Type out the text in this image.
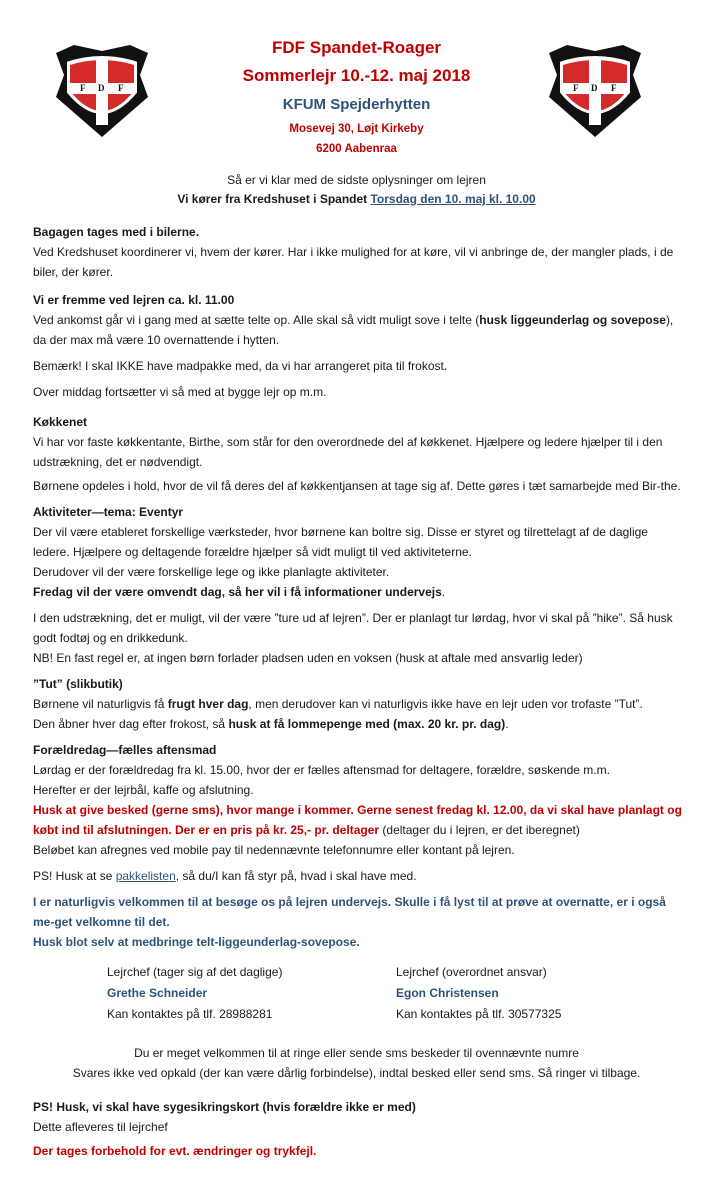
F D F	F D F
FDF Spandet-Roager
Sommerlejr 10.-12. maj 2018
KFUM Spejderhytten
Mosevej 30, Løjt Kirkeby
6200 Aabenraa
Så er vi klar med de sidste oplysninger om lejren
Vi kører fra Kredshuset i Spandet Torsdag den 10. maj kl. 10.00

Bagagen tages med i bilerne.

Ved Kredshuset koordinerer vi, hvem der kører. Har i ikke mulighed for at køre, vil vi anbringe de, der mangler plads, i de biler, der kører.

Vi er fremme ved lejren ca. kl. 11.00

Ved ankomst går vi i gang med at sætte telte op. Alle skal så vidt muligt sove i telte (husk liggeunderlag og sovepose), da der max må være 10 overnattende i hytten.

Bemærk! I skal IKKE have madpakke med, da vi har arrangeret pita til frokost.

Over middag fortsætter vi så med at bygge lejr op m.m.

Køkkenet

Vi har vor faste køkkentante, Birthe, som står for den overordnede del af køkkenet. Hjælpere og ledere hjælper til i den udstrækning, det er nødvendigt.

Børnene opdeles i hold, hvor de vil få deres del af køkkentjansen at tage sig af. Dette gøres i tæt samarbejde med Bir-the.

Aktiviteter—tema: Eventyr

Der vil være etableret forskellige værksteder, hvor børnene kan boltre sig. Disse er styret og tilrettelagt af de daglige ledere. Hjælpere og deltagende forældre hjælper så vidt muligt til ved aktiviteterne.

Derudover vil der være forskellige lege og ikke planlagte aktiviteter.

Fredag vil der være omvendt dag, så her vil i få informationer undervejs.

I den udstrækning, det er muligt, vil der være ”ture ud af lejren”. Der er planlagt tur lørdag, hvor vi skal på ”hike”. Så husk godt fodtøj og en drikkedunk.

NB! En fast regel er, at ingen børn forlader pladsen uden en voksen (husk at aftale med ansvarlig leder)

”Tut” (slikbutik)

Børnene vil naturligvis få frugt hver dag, men derudover kan vi naturligvis ikke have en lejr uden vor trofaste ”Tut”.

Den åbner hver dag efter frokost, så husk at få lommepenge med (max. 20 kr. pr. dag).

Forældredag—fælles aftensmad

Lørdag er der forældredag fra kl. 15.00, hvor der er fælles aftensmad for deltagere, forældre, søskende m.m.

Herefter er der lejrbål, kaffe og afslutning.

Husk at give besked (gerne sms), hvor mange i kommer. Gerne senest fredag kl. 12.00, da vi skal have planlagt og købt ind til afslutningen. Der er en pris på kr. 25,- pr. deltager (deltager du i lejren, er det iberegnet)

Beløbet kan afregnes ved mobile pay til nedennævnte telefonnumre eller kontant på lejren.

PS! Husk at se pakkelisten, så du/I kan få styr på, hvad i skal have med.

I er naturligvis velkommen til at besøge os på lejren undervejs. Skulle i få lyst til at prøve at overnatte, er i også me-get velkomne til det.

Husk blot selv at medbringe telt-liggeunderlag-sovepose.

Lejrchef (tager sig af det daglige)
Grethe Schneider
Kan kontaktes på tlf. 28988281
Lejrchef (overordnet ansvar)
Egon Christensen
Kan kontaktes på tlf. 30577325
Du er meget velkommen til at ringe eller sende sms beskeder til ovennævnte numre
Svares ikke ved opkald (der kan være dårlig forbindelse), indtal besked eller send sms. Så ringer vi tilbage.

PS! Husk, vi skal have sygesikringskort (hvis forældre ikke er med)

Dette afleveres til lejrchef

Der tages forbehold for evt. ændringer og trykfejl.
